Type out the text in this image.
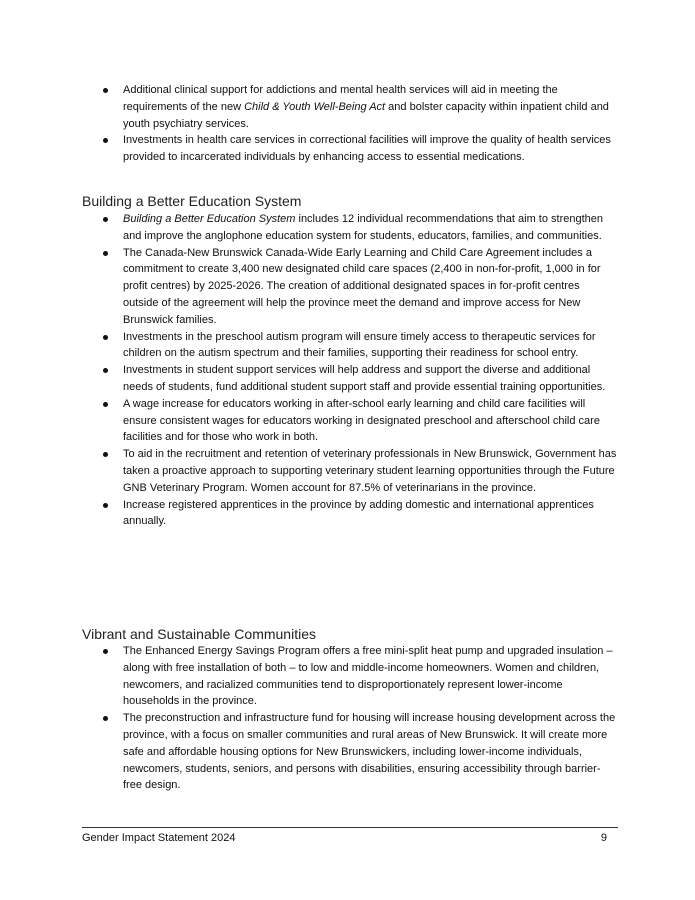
Additional clinical support for addictions and mental health services will aid in meeting the requirements of the new Child & Youth Well-Being Act and bolster capacity within inpatient child and youth psychiatry services.
Investments in health care services in correctional facilities will improve the quality of health services provided to incarcerated individuals by enhancing access to essential medications.
Building a Better Education System
Building a Better Education System includes 12 individual recommendations that aim to strengthen and improve the anglophone education system for students, educators, families, and communities.
The Canada-New Brunswick Canada-Wide Early Learning and Child Care Agreement includes a commitment to create 3,400 new designated child care spaces (2,400 in non-for-profit, 1,000 in for profit centres) by 2025-2026. The creation of additional designated spaces in for-profit centres outside of the agreement will help the province meet the demand and improve access for New Brunswick families.
Investments in the preschool autism program will ensure timely access to therapeutic services for children on the autism spectrum and their families, supporting their readiness for school entry.
Investments in student support services will help address and support the diverse and additional needs of students, fund additional student support staff and provide essential training opportunities.
A wage increase for educators working in after-school early learning and child care facilities will ensure consistent wages for educators working in designated preschool and afterschool child care facilities and for those who work in both.
To aid in the recruitment and retention of veterinary professionals in New Brunswick, Government has taken a proactive approach to supporting veterinary student learning opportunities through the Future GNB Veterinary Program. Women account for 87.5% of veterinarians in the province.
Increase registered apprentices in the province by adding domestic and international apprentices annually.
Vibrant and Sustainable Communities
The Enhanced Energy Savings Program offers a free mini-split heat pump and upgraded insulation – along with free installation of both – to low and middle-income homeowners. Women and children, newcomers, and racialized communities tend to disproportionately represent lower-income households in the province.
The preconstruction and infrastructure fund for housing will increase housing development across the province, with a focus on smaller communities and rural areas of New Brunswick. It will create more safe and affordable housing options for New Brunswickers, including lower-income individuals, newcomers, students, seniors, and persons with disabilities, ensuring accessibility through barrier-free design.
Gender Impact Statement 2024	9
